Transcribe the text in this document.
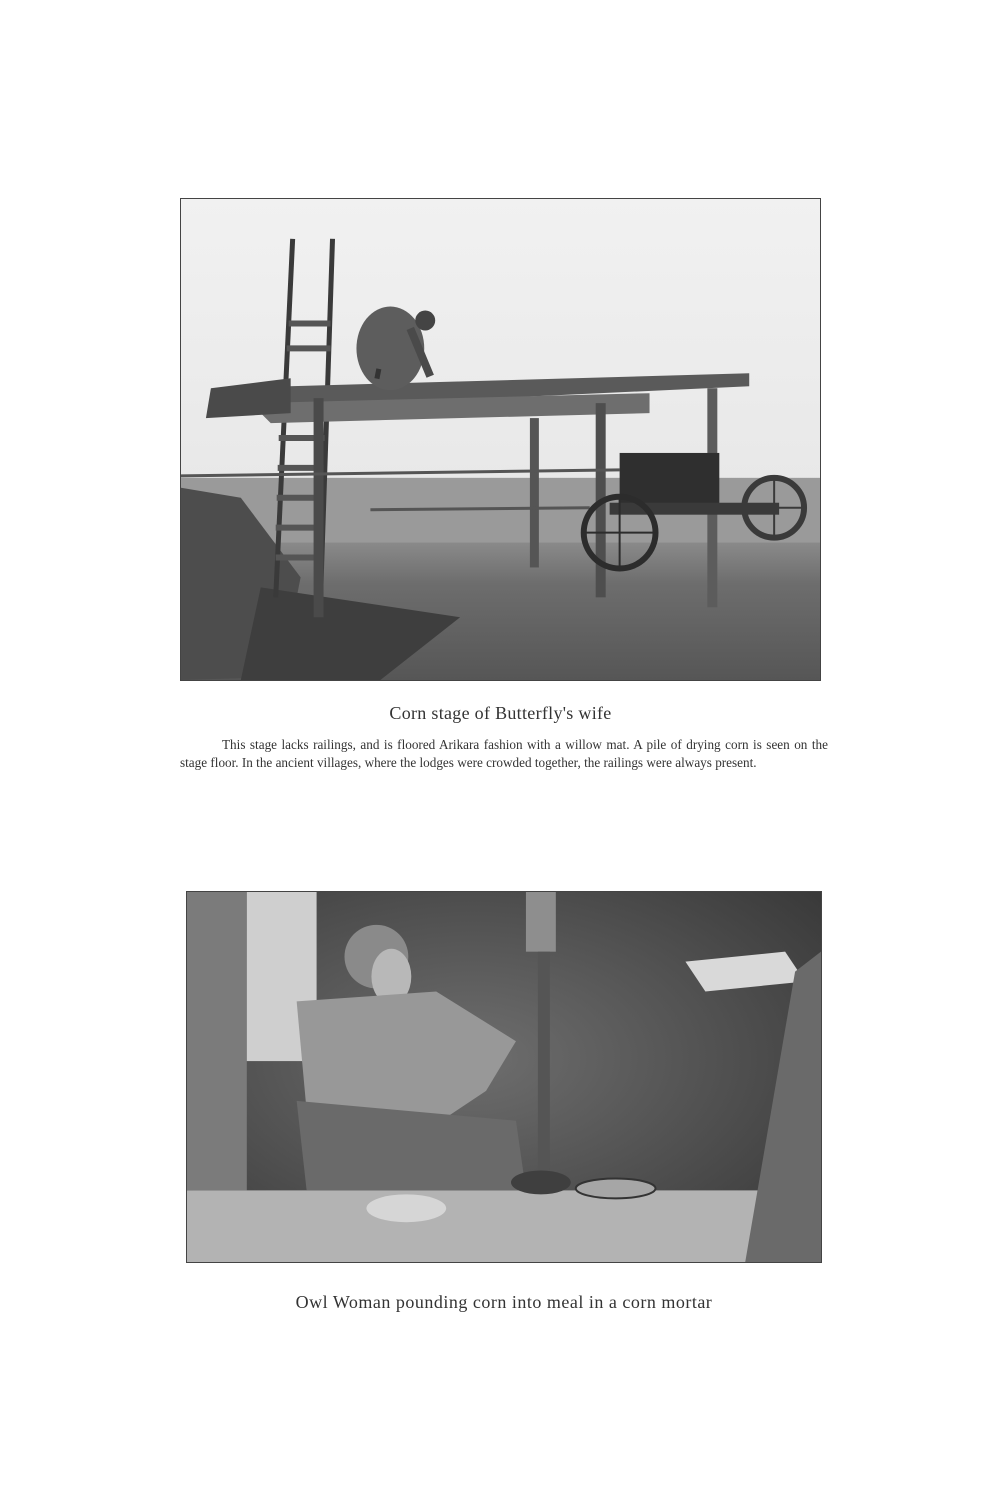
Corn stage of Butterfly's wife
This stage lacks railings, and is floored Arikara fashion with a willow mat. A pile of drying corn is seen on the stage floor. In the ancient villages, where the lodges were crowded together, the railings were always present.
Owl Woman pounding corn into meal in a corn mortar
